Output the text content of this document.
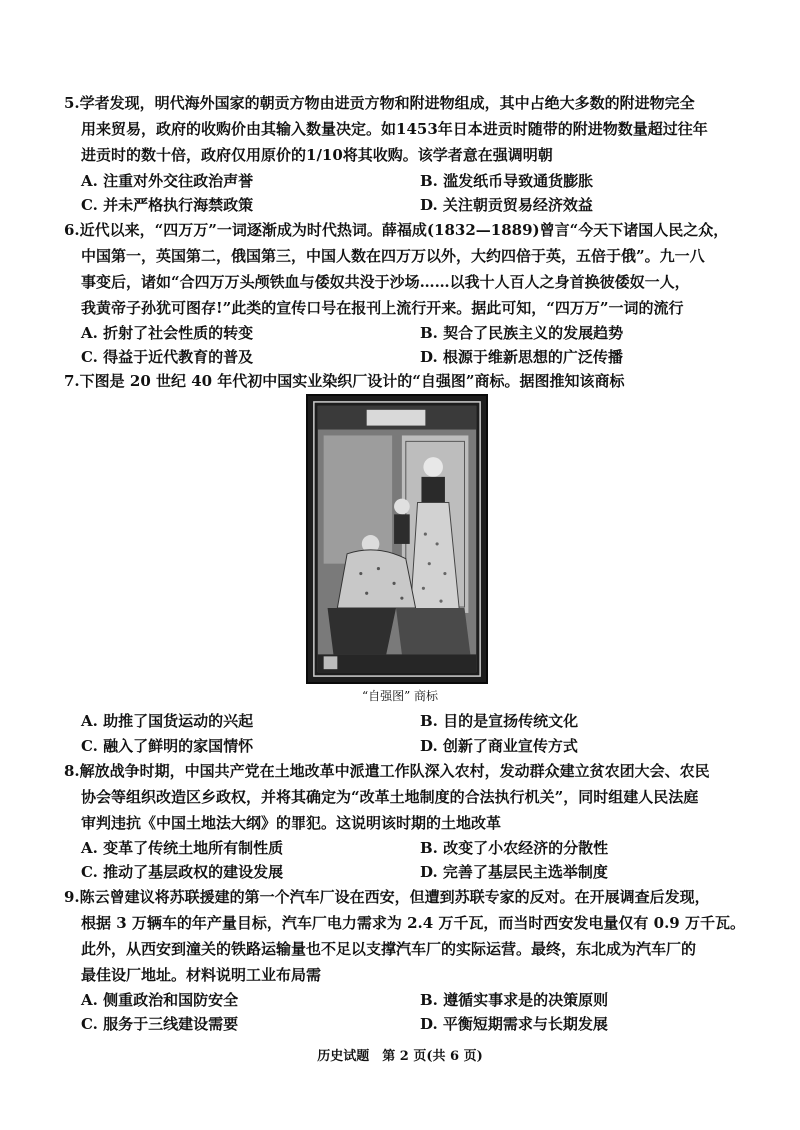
5.学者发现，明代海外国家的朝贡方物由进贡方物和附进物组成，其中占绝大多数的附进物完全
用来贸易，政府的收购价由其输入数量决定。如1453年日本进贡时随带的附进物数量超过往年
进贡时的数十倍，政府仅用原价的1/10将其收购。该学者意在强调明朝
A. 注重对外交往政治声誉	B. 滥发纸币导致通货膨胀
C. 并未严格执行海禁政策	D. 关注朝贡贸易经济效益
6.近代以来，“四万万”一词逐渐成为时代热词。薛福成(1832—1889)曾言“今天下诸国人民之众，
中国第一，英国第二，俄国第三，中国人数在四万万以外，大约四倍于英，五倍于俄”。九一八
事变后，诸如“合四万万头颅铁血与倭奴共没于沙场……以我十人百人之身首换彼倭奴一人，
我黄帝子孙犹可图存!”此类的宣传口号在报刊上流行开来。据此可知，“四万万”一词的流行
A. 折射了社会性质的转变	B. 契合了民族主义的发展趋势
C. 得益于近代教育的普及	D. 根源于维新思想的广泛传播
7.下图是 20 世纪 40 年代初中国实业染织厂设计的“自强图”商标。据图推知该商标
“自强图” 商标
A. 助推了国货运动的兴起	B. 目的是宣扬传统文化
C. 融入了鲜明的家国情怀	D. 创新了商业宣传方式
8.解放战争时期，中国共产党在土地改革中派遣工作队深入农村，发动群众建立贫农团大会、农民
协会等组织改造区乡政权，并将其确定为“改革土地制度的合法执行机关”，同时组建人民法庭
审判违抗《中国土地法大纲》的罪犯。这说明该时期的土地改革
A. 变革了传统土地所有制性质	B. 改变了小农经济的分散性
C. 推动了基层政权的建设发展	D. 完善了基层民主选举制度
9.陈云曾建议将苏联援建的第一个汽车厂设在西安，但遭到苏联专家的反对。在开展调查后发现，
根据 3 万辆车的年产量目标，汽车厂电力需求为 2.4 万千瓦，而当时西安发电量仅有 0.9 万千瓦。
此外，从西安到潼关的铁路运输量也不足以支撑汽车厂的实际运营。最终，东北成为汽车厂的
最佳设厂地址。材料说明工业布局需
A. 侧重政治和国防安全	B. 遵循实事求是的决策原则
C. 服务于三线建设需要	D. 平衡短期需求与长期发展
历史试题　第 2 页(共 6 页)
